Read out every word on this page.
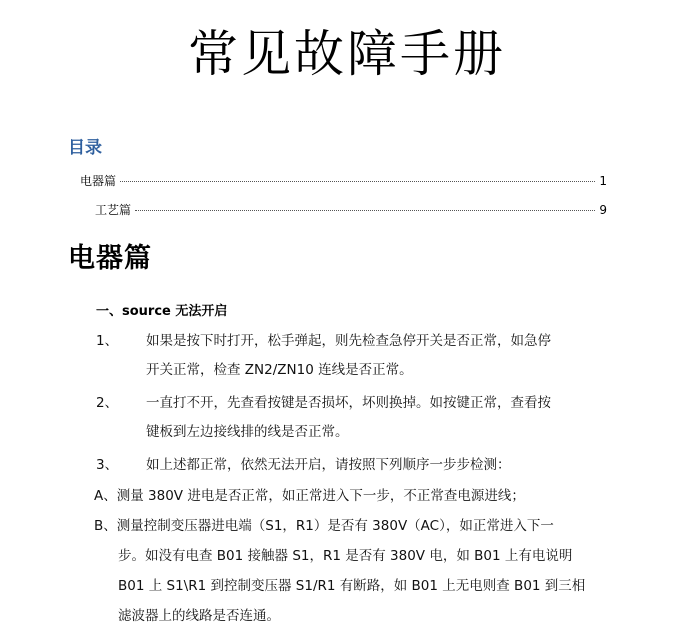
常见故障手册
目录
电器篇	1
工艺篇	9
电器篇
一、source 无法开启
1、 如果是按下时打开，松手弹起，则先检查急停开关是否正常，如急停
开关正常，检查 ZN2/ZN10 连线是否正常。
2、 一直打不开，先查看按键是否损坏，坏则换掉。如按键正常，查看按
键板到左边接线排的线是否正常。
3、 如上述都正常，依然无法开启，请按照下列顺序一步步检测：
A、测量 380V 进电是否正常，如正常进入下一步，不正常查电源进线；
B、测量控制变压器进电端（S1，R1）是否有 380V（AC），如正常进入下一
步。如没有电查 B01 接触器 S1，R1 是否有 380V 电，如 B01 上有电说明
B01 上 S1\R1 到控制变压器 S1/R1 有断路，如 B01 上无电则查 B01 到三相
滤波器上的线路是否连通。
